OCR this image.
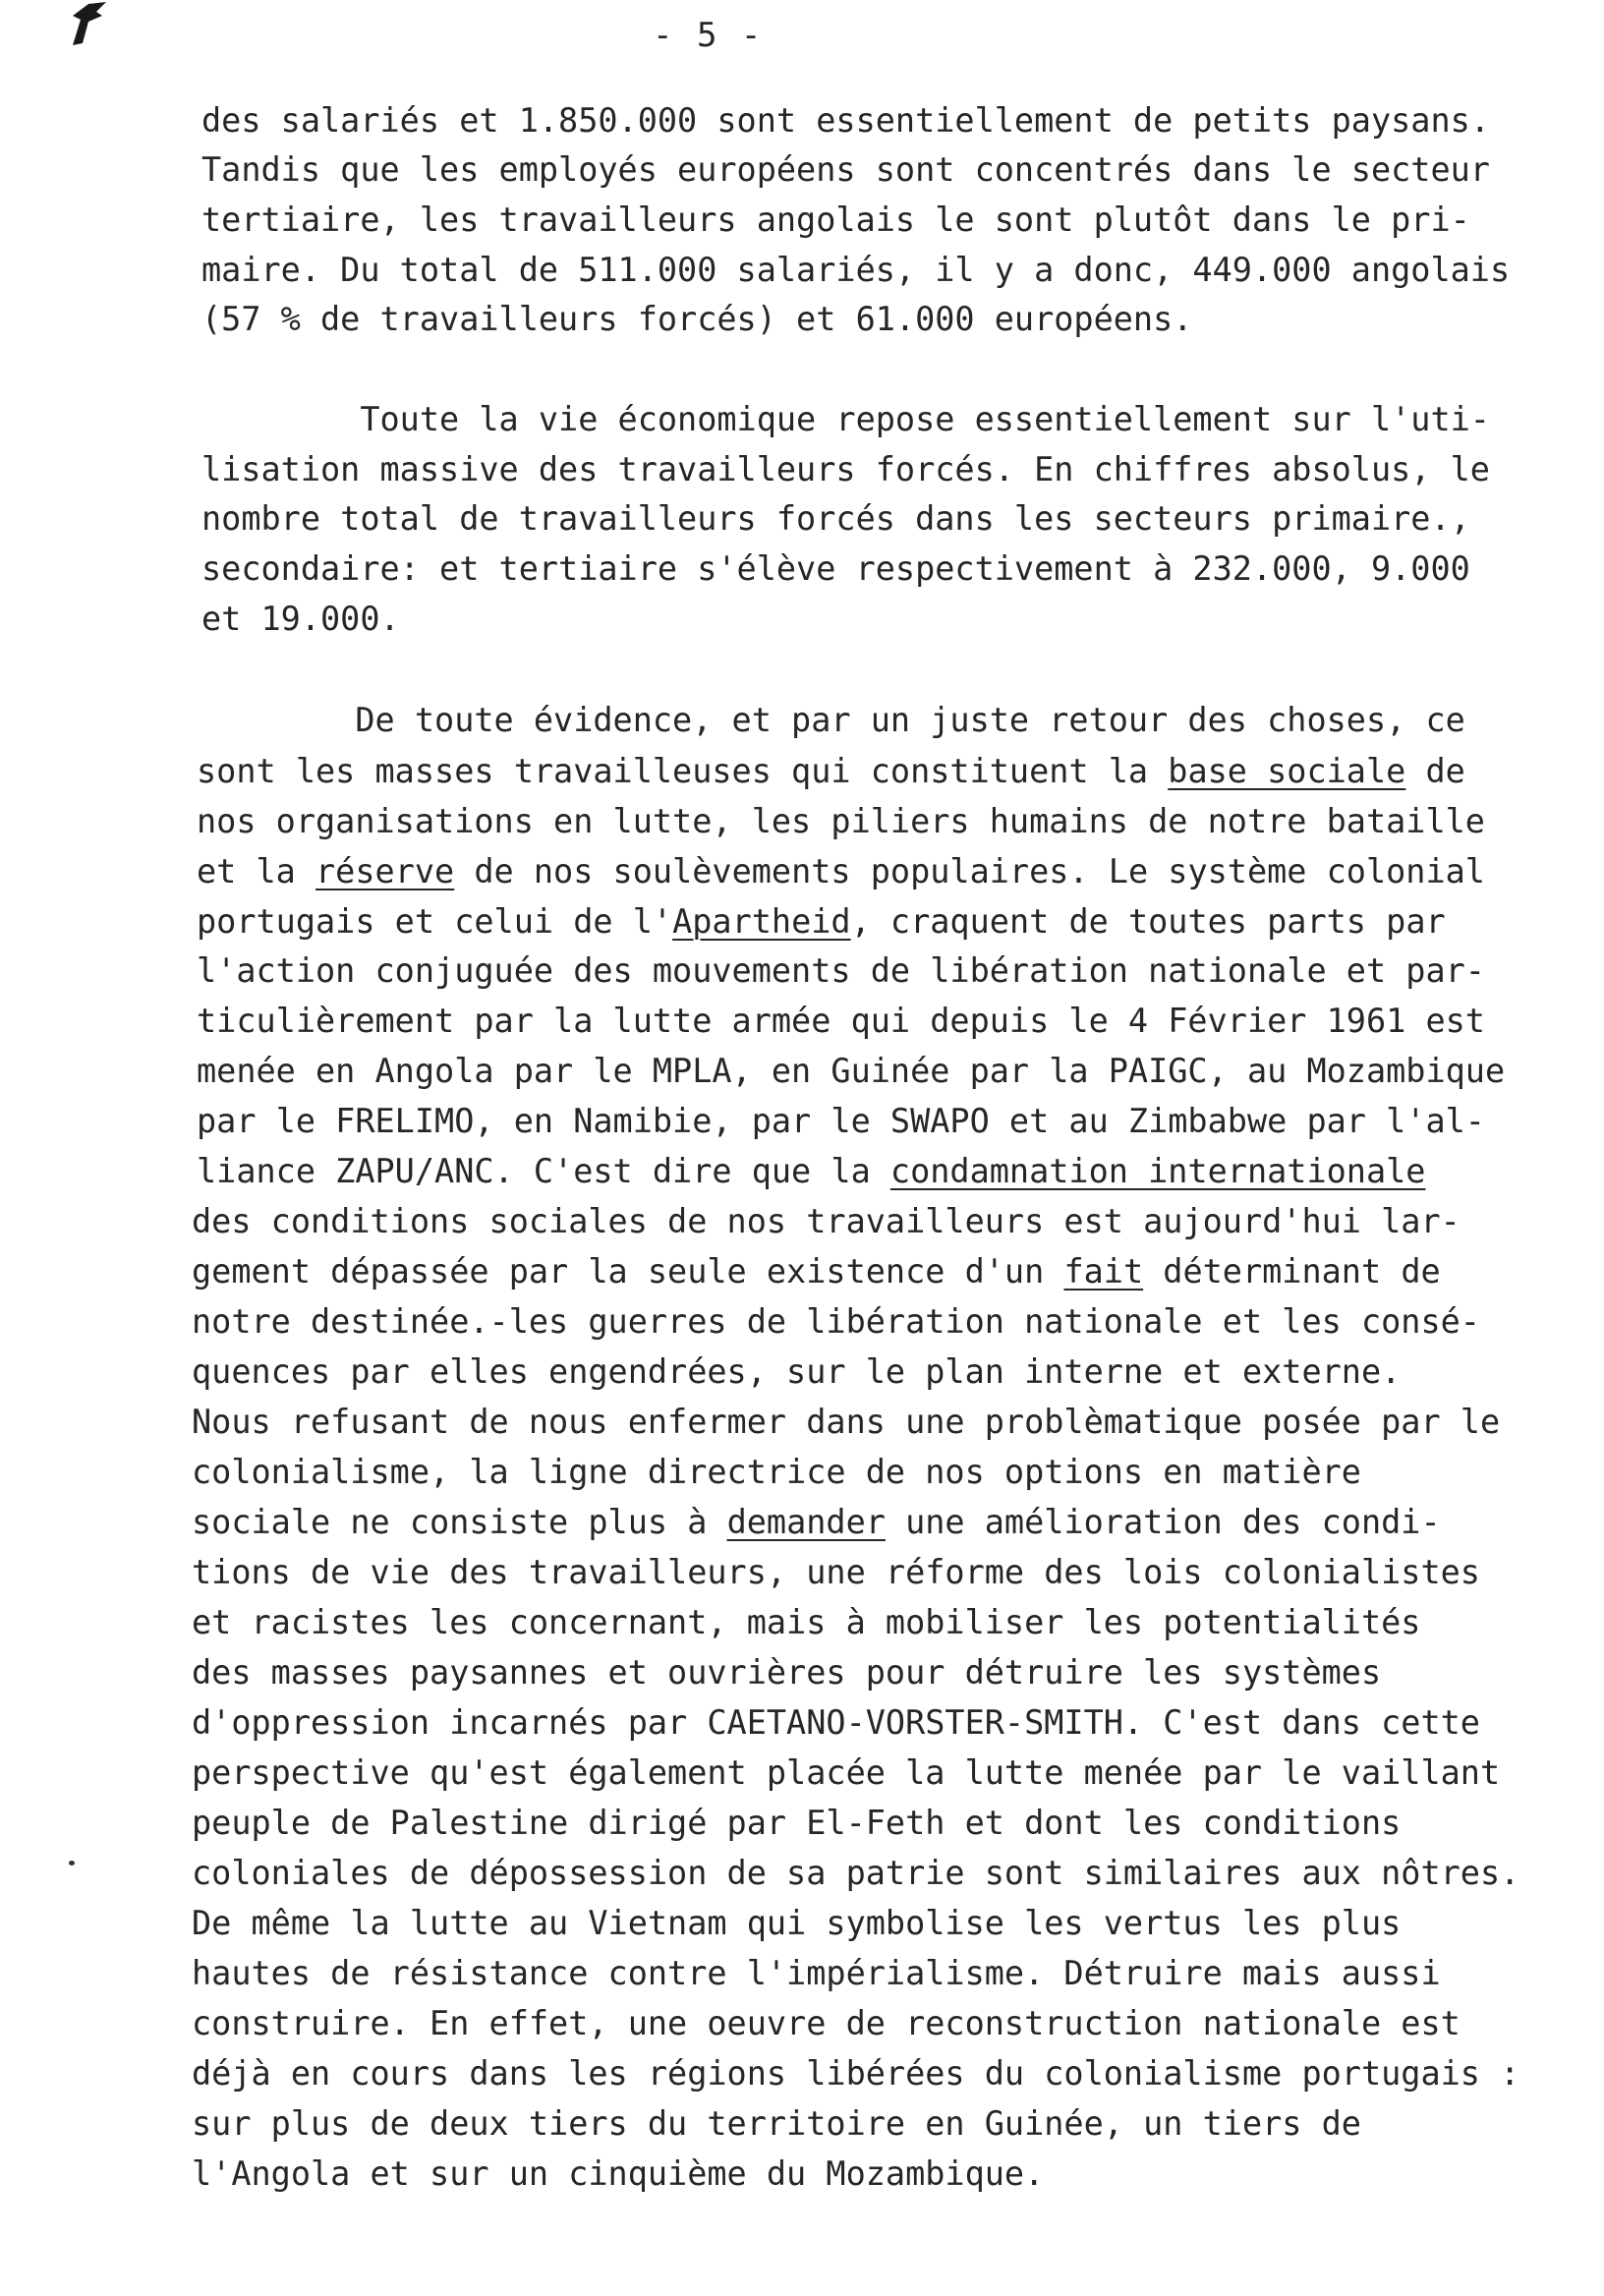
- 5 -
des salariés et 1.850.000 sont essentiellement de petits paysans.
Tandis que les employés européens sont concentrés dans le secteur
tertiaire, les travailleurs angolais le sont plutôt dans le pri-
maire. Du total de 511.000 salariés, il y a donc, 449.000 angolais
(57 % de travailleurs forcés) et 61.000 européens.
Toute la vie économique repose essentiellement sur l'uti-
lisation massive des travailleurs forcés. En chiffres absolus, le
nombre total de travailleurs forcés dans les secteurs primaire.,
secondaire: et tertiaire s'élève respectivement à 232.000, 9.000
et 19.000.
De toute évidence, et par un juste retour des choses, ce
sont les masses travailleuses qui constituent la base sociale de
nos organisations en lutte, les piliers humains de notre bataille
et la réserve de nos soulèvements populaires. Le système colonial
portugais et celui de l'Apartheid, craquent de toutes parts par
l'action conjuguée des mouvements de libération nationale et par-
ticulièrement par la lutte armée qui depuis le 4 Février 1961 est
menée en Angola par le MPLA, en Guinée par la PAIGC, au Mozambique
par le FRELIMO, en Namibie, par le SWAPO et au Zimbabwe par l'al-
liance ZAPU/ANC. C'est dire que la condamnation internationale
des conditions sociales de nos travailleurs est aujourd'hui lar-
gement dépassée par la seule existence d'un fait déterminant de
notre destinée.-les guerres de libération nationale et les consé-
quences par elles engendrées, sur le plan interne et externe.
Nous refusant de nous enfermer dans une problèmatique posée par le
colonialisme, la ligne directrice de nos options en matière
sociale ne consiste plus à demander une amélioration des condi-
tions de vie des travailleurs, une réforme des lois colonialistes
et racistes les concernant, mais à mobiliser les potentialités
des masses paysannes et ouvrières pour détruire les systèmes
d'oppression incarnés par CAETANO-VORSTER-SMITH. C'est dans cette
perspective qu'est également placée la lutte menée par le vaillant
peuple de Palestine dirigé par El-Feth et dont les conditions
coloniales de dépossession de sa patrie sont similaires aux nôtres.
De même la lutte au Vietnam qui symbolise les vertus les plus
hautes de résistance contre l'impérialisme. Détruire mais aussi
construire. En effet, une oeuvre de reconstruction nationale est
déjà en cours dans les régions libérées du colonialisme portugais :
sur plus de deux tiers du territoire en Guinée, un tiers de
l'Angola et sur un cinquième du Mozambique.
